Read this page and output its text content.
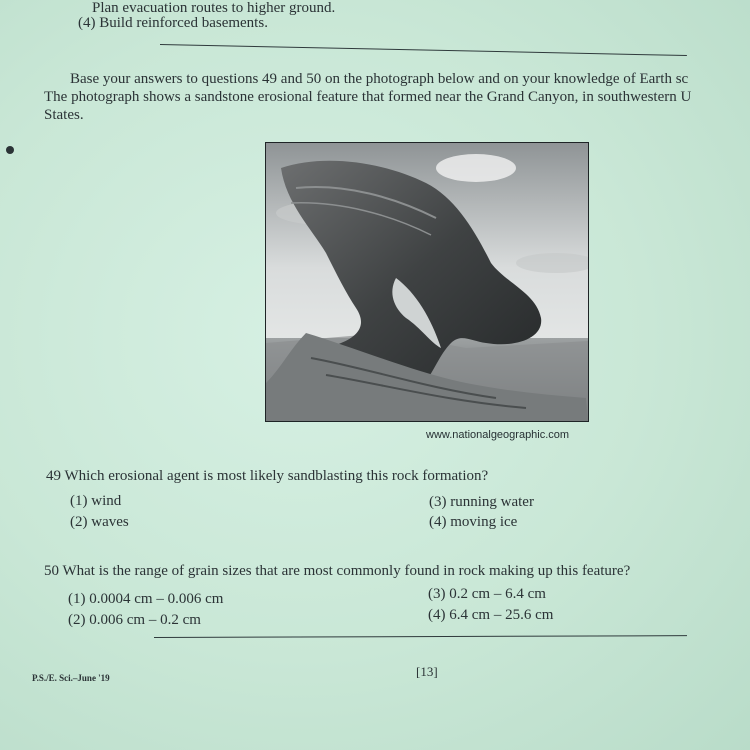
Plan evacuation routes to higher ground.
(4) Build reinforced basements.
Base your answers to questions 49 and 50 on the photograph below and on your knowledge of Earth sc
The photograph shows a sandstone erosional feature that formed near the Grand Canyon, in southwestern U
States.
www.nationalgeographic.com
49 Which erosional agent is most likely sandblasting this rock formation?
(1) wind
(2) waves
(3) running water
(4) moving ice
50 What is the range of grain sizes that are most commonly found in rock making up this feature?
(1) 0.0004 cm – 0.006 cm
(2) 0.006 cm – 0.2 cm
(3) 0.2 cm – 6.4 cm
(4) 6.4 cm – 25.6 cm
P.S./E. Sci.–June '19	[13]
